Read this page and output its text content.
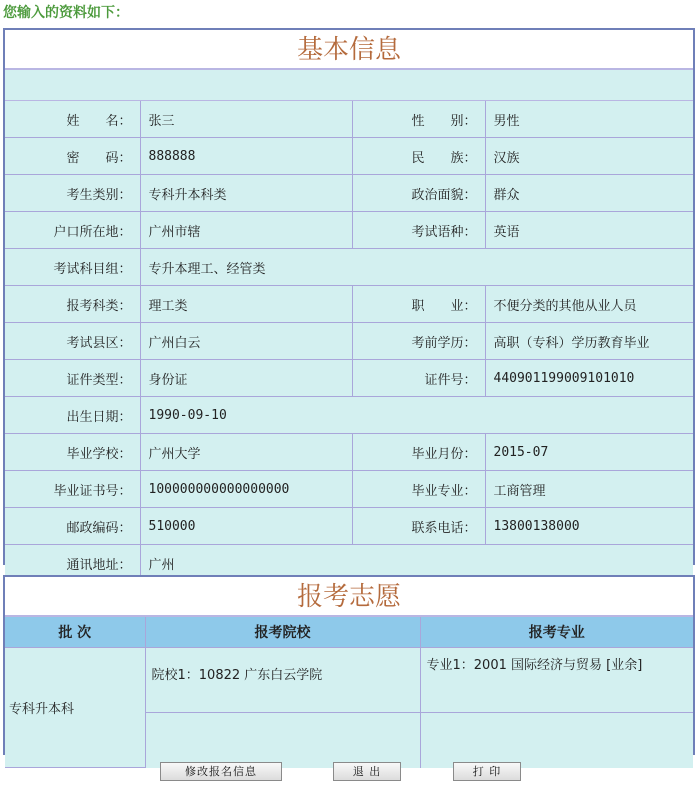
您输入的资料如下：
基本信息
姓　　名：	张三	性　　别：	男性
密　　码：	888888	民　　族：	汉族
考生类别：	专科升本科类	政治面貌：	群众
户口所在地：	广州市辖	考试语种：	英语
考试科目组：	专升本理工、经管类		
报考科类：	理工类	职　　业：	不便分类的其他从业人员
考试县区：	广州白云	考前学历：	高职（专科）学历教育毕业
证件类型：	身份证	证件号：	440901199009101010
出生日期：	1990-09-10		
毕业学校：	广州大学	毕业月份：	2015-07
毕业证书号：	100000000000000000	毕业专业：	工商管理
邮政编码：	510000	联系电话：	13800138000
通讯地址：	广州		
报考志愿
批 次	报考院校	报考专业
专科升本科	院校1：10822 广东白云学院	专业1：2001 国际经济与贸易 [业余]

修改报名信息	退 出	打 印
